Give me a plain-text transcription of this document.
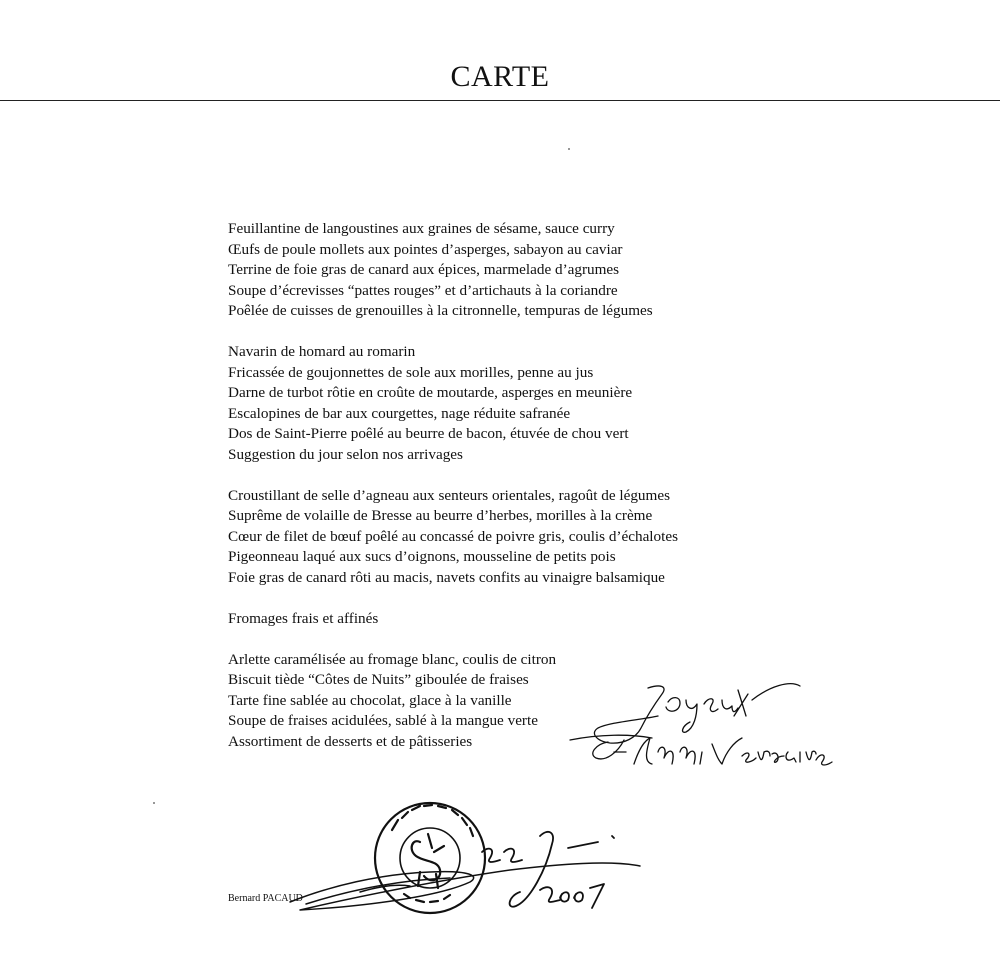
CARTE
Feuillantine de langoustines aux graines de sésame, sauce curry
Œufs de poule mollets aux pointes d’asperges, sabayon au caviar
Terrine de foie gras de canard aux épices, marmelade d’agrumes
Soupe d’écrevisses “pattes rouges” et d’artichauts à la coriandre
Poêlée de cuisses de grenouilles à la citronnelle, tempuras de légumes
Navarin de homard au romarin
Fricassée de goujonnettes de sole aux morilles, penne au jus
Darne de turbot rôtie en croûte de moutarde, asperges en meunière
Escalopines de bar aux courgettes, nage réduite safranée
Dos de Saint-Pierre poêlé au beurre de bacon, étuvée de chou vert
Suggestion du jour selon nos arrivages
Croustillant de selle d’agneau aux senteurs orientales, ragoût de légumes
Suprême de volaille de Bresse au beurre d’herbes, morilles à la crème
Cœur de filet de bœuf poêlé au concassé de poivre gris, coulis d’échalotes
Pigeonneau laqué aux sucs d’oignons, mousseline de petits pois
Foie gras de canard rôti au macis, navets confits au vinaigre balsamique
Fromages frais et affinés
Arlette caramélisée au fromage blanc, coulis de citron
Biscuit tiède “Côtes de Nuits” giboulée de fraises
Tarte fine sablée au chocolat, glace à la vanille
Soupe de fraises acidulées, sablé à la mangue verte
Assortiment de desserts et de pâtisseries
Bernard PACAUD
